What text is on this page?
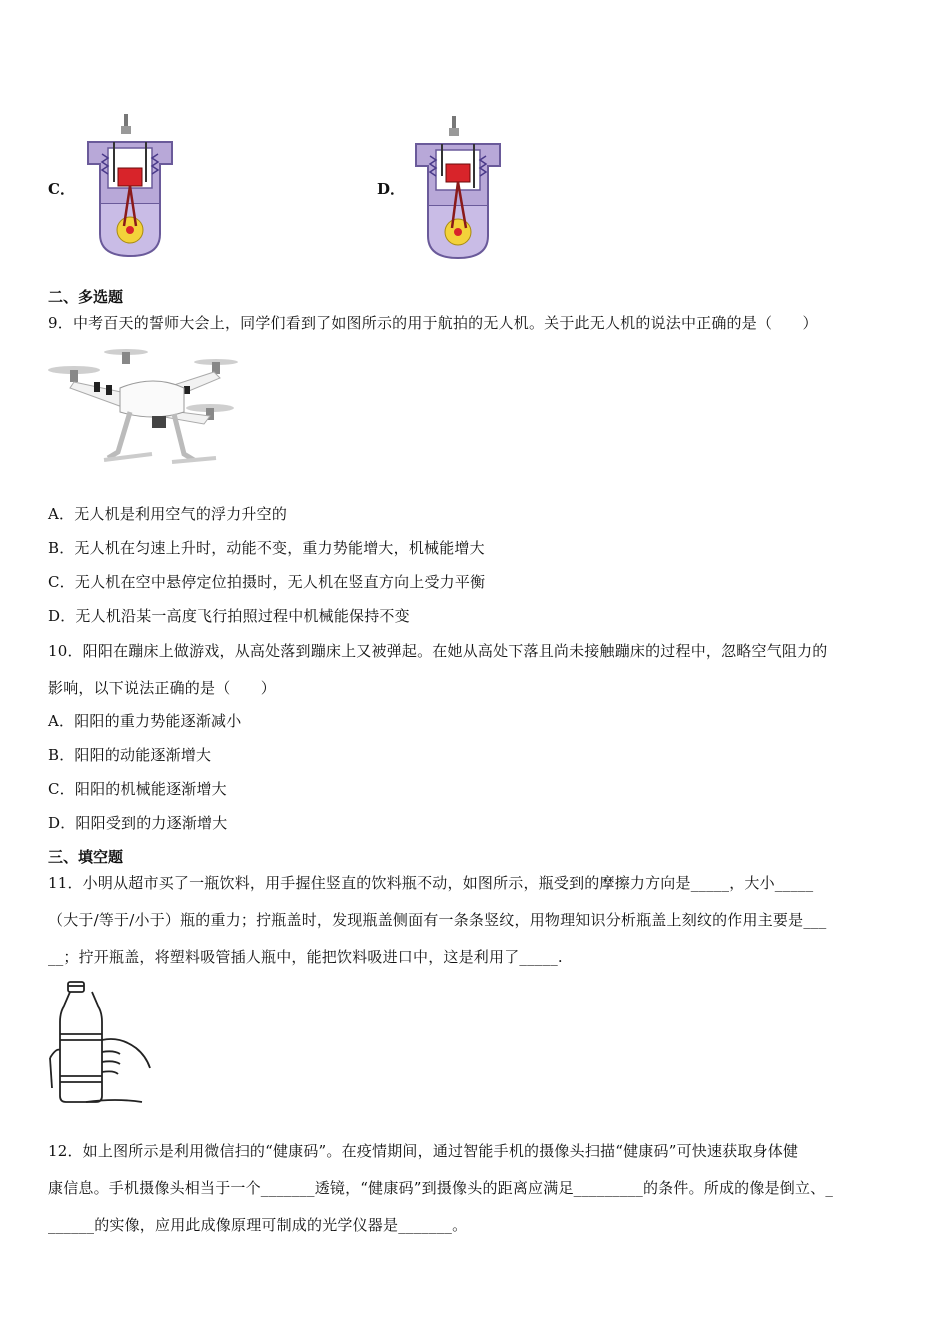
C．	D．
二、多选题
9．中考百天的誓师大会上，同学们看到了如图所示的用于航拍的无人机。关于此无人机的说法中正确的是（　　）
A．无人机是利用空气的浮力升空的
B．无人机在匀速上升时，动能不变，重力势能增大，机械能增大
C．无人机在空中悬停定位拍摄时，无人机在竖直方向上受力平衡
D．无人机沿某一高度飞行拍照过程中机械能保持不变
10．阳阳在蹦床上做游戏，从高处落到蹦床上又被弹起。在她从高处下落且尚未接触蹦床的过程中，忽略空气阻力的
影响，以下说法正确的是（　　）
A．阳阳的重力势能逐渐减小
B．阳阳的动能逐渐增大
C．阳阳的机械能逐渐增大
D．阳阳受到的力逐渐增大
三、填空题
11．小明从超市买了一瓶饮料，用手握住竖直的饮料瓶不动，如图所示，瓶受到的摩擦力方向是_____，大小_____
（大于/等于/小于）瓶的重力；拧瓶盖时，发现瓶盖侧面有一条条竖纹，用物理知识分析瓶盖上刻纹的作用主要是___
__；拧开瓶盖，将塑料吸管插人瓶中，能把饮料吸进口中，这是利用了_____.
12．如上图所示是利用微信扫的“健康码”。在疫情期间，通过智能手机的摄像头扫描“健康码”可快速获取身体健
康信息。手机摄像头相当于一个_______透镜，“健康码”到摄像头的距离应满足_________的条件。所成的像是倒立、_
______的实像，应用此成像原理可制成的光学仪器是_______。
